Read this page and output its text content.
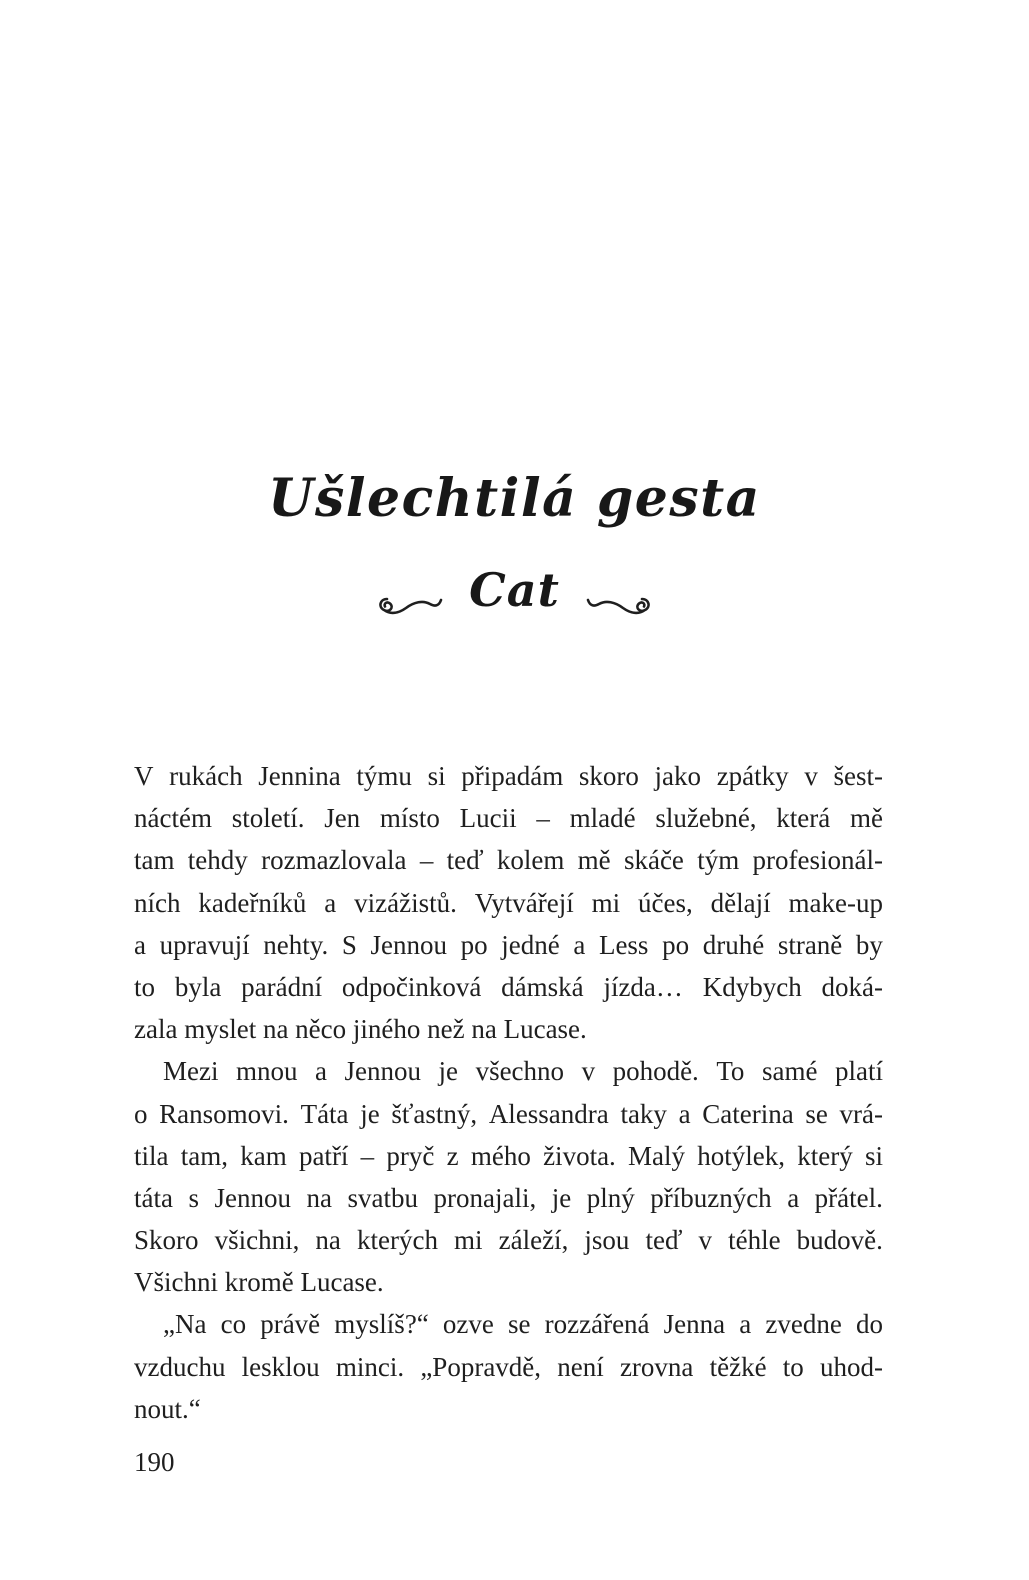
Ušlechtilá gesta
Cat
V rukách Jennina týmu si připadám skoro jako zpátky v šest-
náctém století. Jen místo Lucii – mladé služebné, která mě
tam tehdy rozmazlovala – teď kolem mě skáče tým profesionál-
ních kadeřníků a vizážistů. Vytvářejí mi účes, dělají make-up
a upravují nehty. S Jennou po jedné a Less po druhé straně by
to byla parádní odpočinková dámská jízda… Kdybych doká-
zala myslet na něco jiného než na Lucase.
Mezi mnou a Jennou je všechno v pohodě. To samé platí
o Ransomovi. Táta je šťastný, Alessandra taky a Caterina se vrá-
tila tam, kam patří – pryč z mého života. Malý hotýlek, který si
táta s Jennou na svatbu pronajali, je plný příbuzných a přátel.
Skoro všichni, na kterých mi záleží, jsou teď v téhle budově.
Všichni kromě Lucase.
„Na co právě myslíš?“ ozve se rozzářená Jenna a zvedne do
vzduchu lesklou minci. „Popravdě, není zrovna těžké to uhod-
nout.“
190
